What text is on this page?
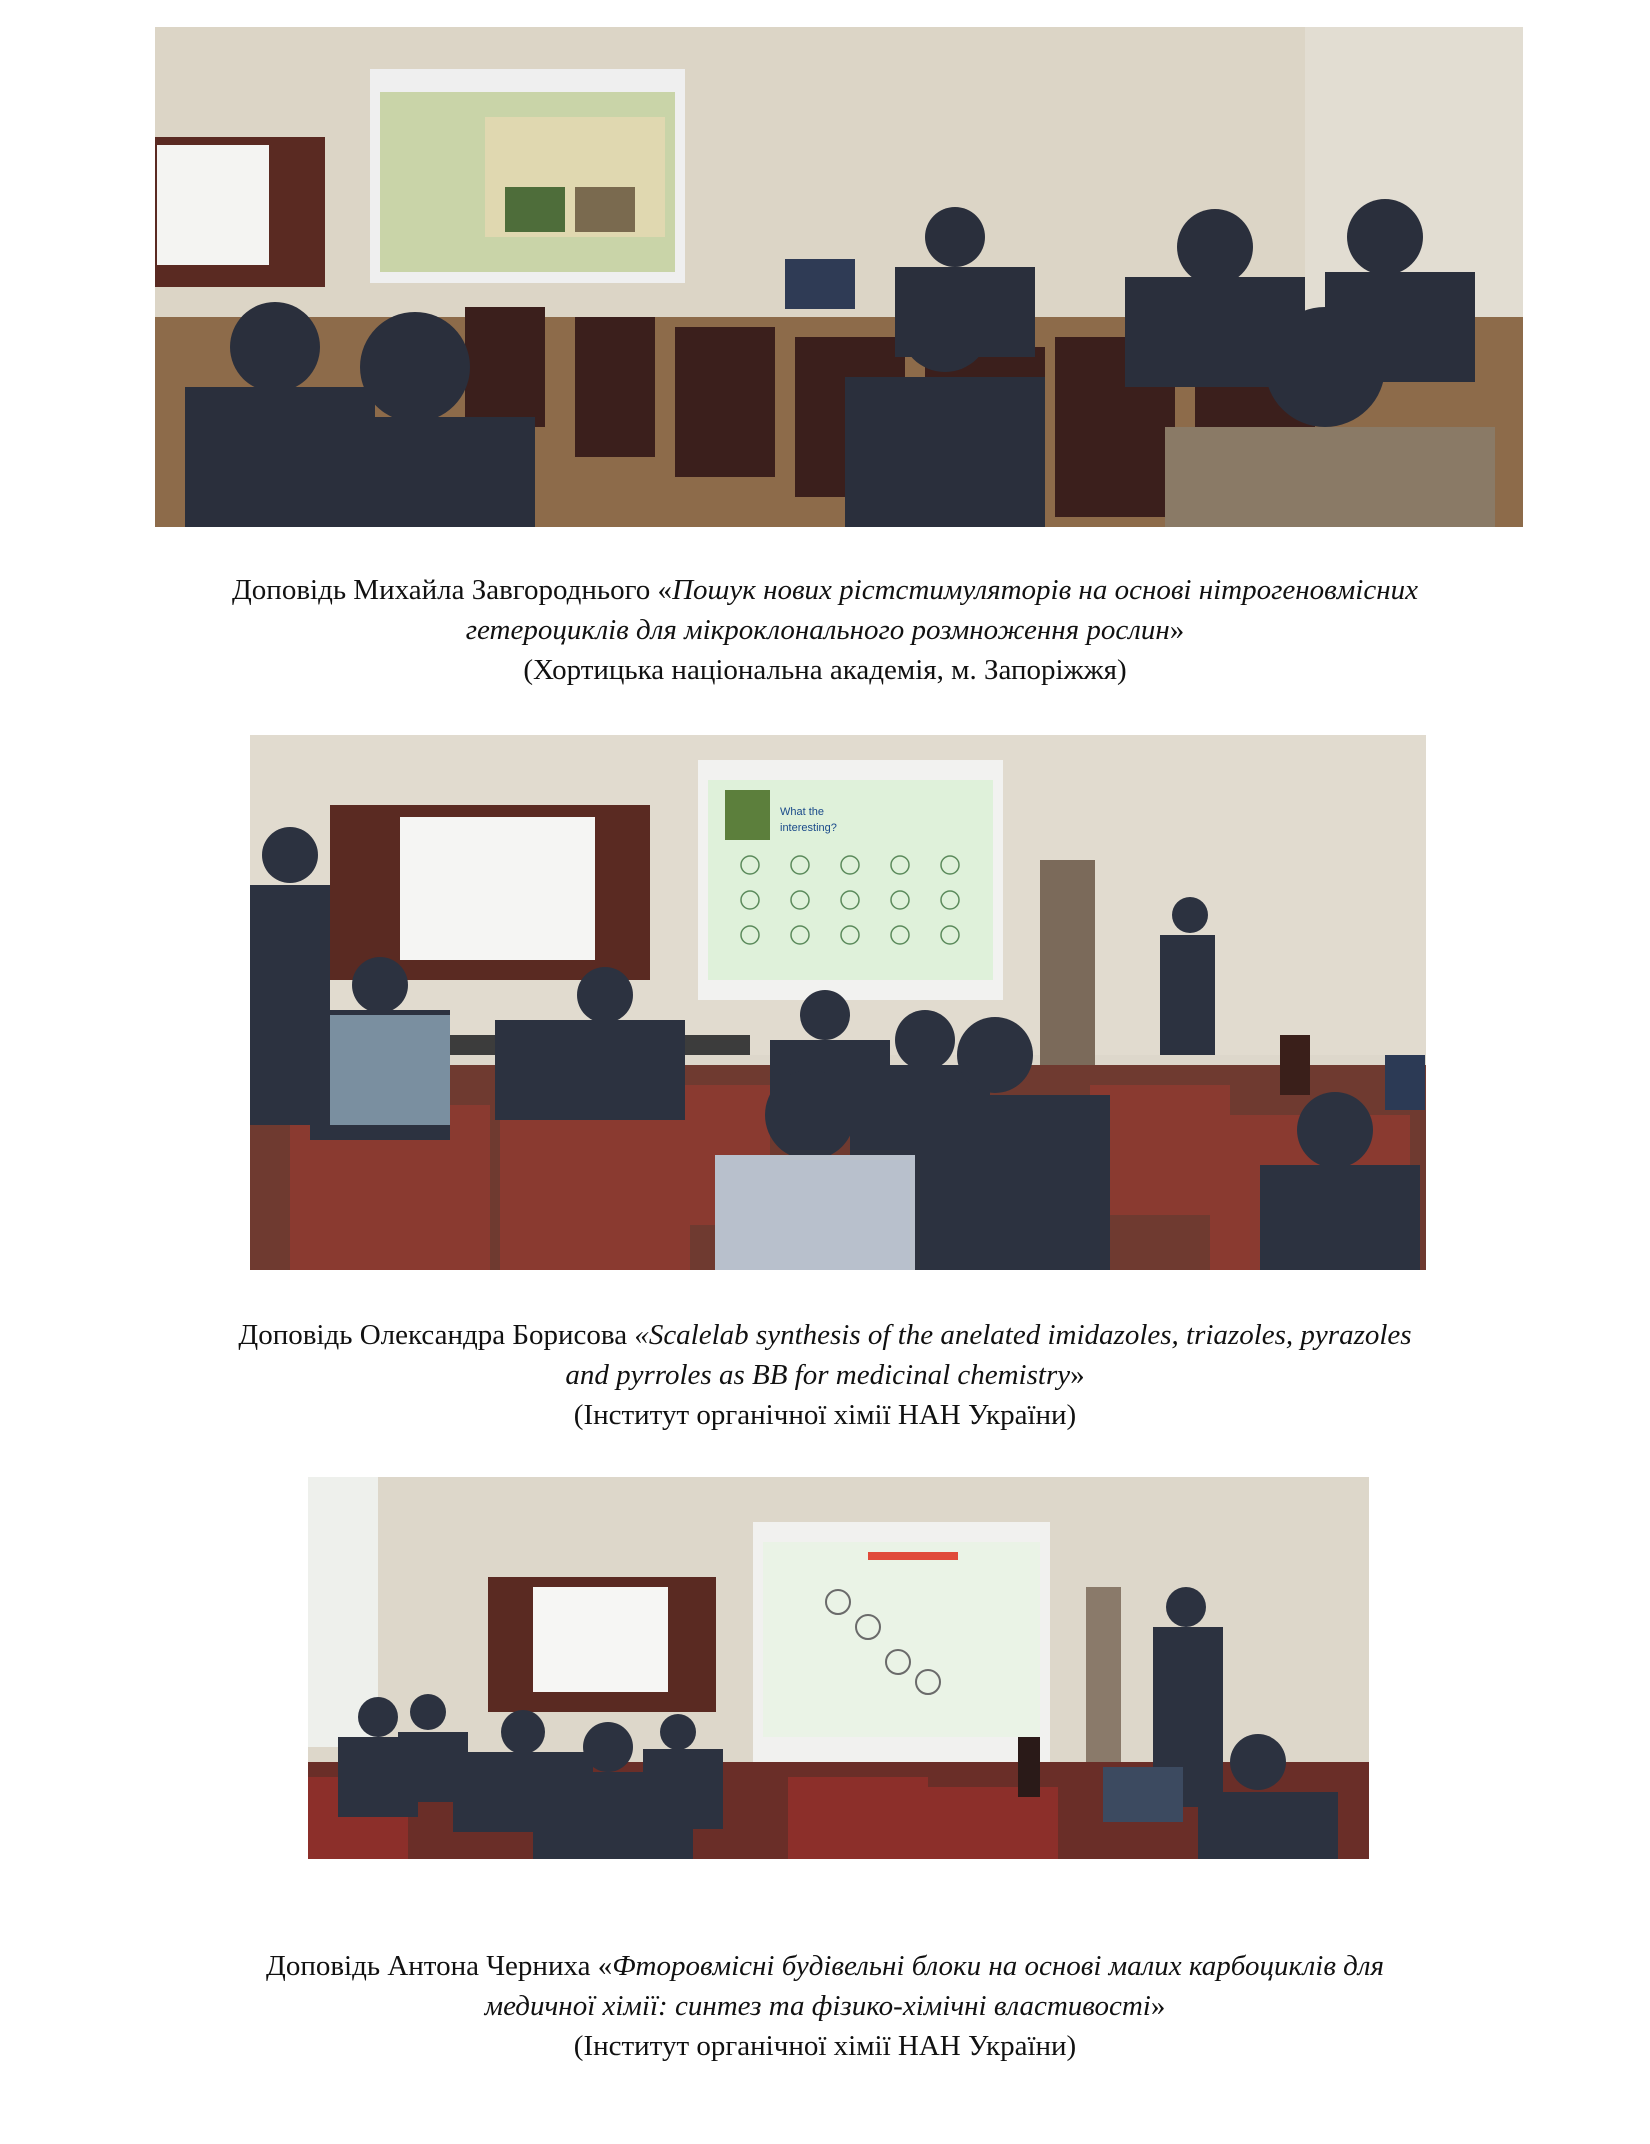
Доповідь Михайла Завгороднього «Пошук нових рістстимуляторів на основі нітрогеновмісних

гетероциклів для мікроклонального розмноження рослин»

(Хортицька національна академія, м. Запоріжжя)

What the
interesting?

Доповідь Олександра Борисова «Scalelab synthesis of the anelated imidazoles, triazoles, pyrazoles

and pyrroles as BB for medicinal chemistry»

(Інститут органічної хімії НАН України)

Доповідь Антона Черниха «Фторовмісні будівельні блоки на основі малих карбоциклів для

медичної хімії: синтез та фізико-хімічні властивості»

(Інститут органічної хімії НАН України)
